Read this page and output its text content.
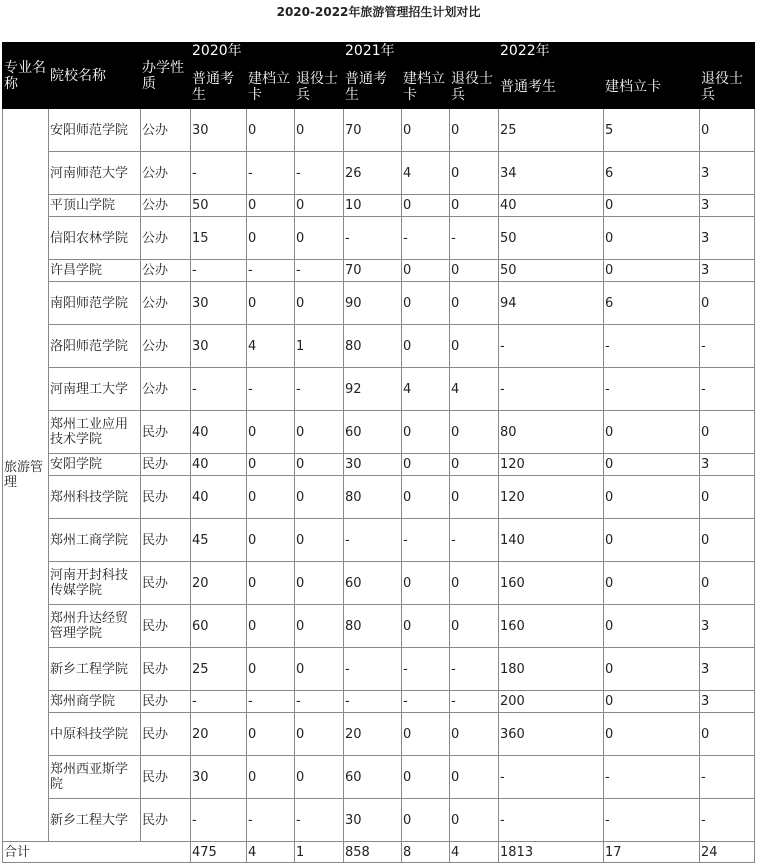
2020-2022年旅游管理招生计划对比
专业名称	院校名称	办学性质	2020年			2021年			2022年		
			普通考生	建档立卡	退役士兵	普通考生	建档立卡	退役士兵	普通考生	建档立卡	退役士兵
旅游管理	安阳师范学院	公办	30	0	0	70	0	0	25	5	0
	河南师范大学	公办	-	-	-	26	4	0	34	6	3
	平顶山学院	公办	50	0	0	10	0	0	40	0	3
	信阳农林学院	公办	15	0	0	-	-	-	50	0	3
	许昌学院	公办	-	-	-	70	0	0	50	0	3
	南阳师范学院	公办	30	0	0	90	0	0	94	6	0
	洛阳师范学院	公办	30	4	1	80	0	0	-	-	-
	河南理工大学	公办	-	-	-	92	4	4	-	-	-
	郑州工业应用技术学院	民办	40	0	0	60	0	0	80	0	0
	安阳学院	民办	40	0	0	30	0	0	120	0	3
	郑州科技学院	民办	40	0	0	80	0	0	120	0	0
	郑州工商学院	民办	45	0	0	-	-	-	140	0	0
	河南开封科技传媒学院	民办	20	0	0	60	0	0	160	0	0
	郑州升达经贸管理学院	民办	60	0	0	80	0	0	160	0	3
	新乡工程学院	民办	25	0	0	-	-	-	180	0	3
	郑州商学院	民办	-	-	-	-	-	-	200	0	3
	中原科技学院	民办	20	0	0	20	0	0	360	0	0
	郑州西亚斯学院	民办	30	0	0	60	0	0	-	-	-
	新乡工程大学	民办	-	-	-	30	0	0	-	-	-
合计			475	4	1	858	8	4	1813	17	24
